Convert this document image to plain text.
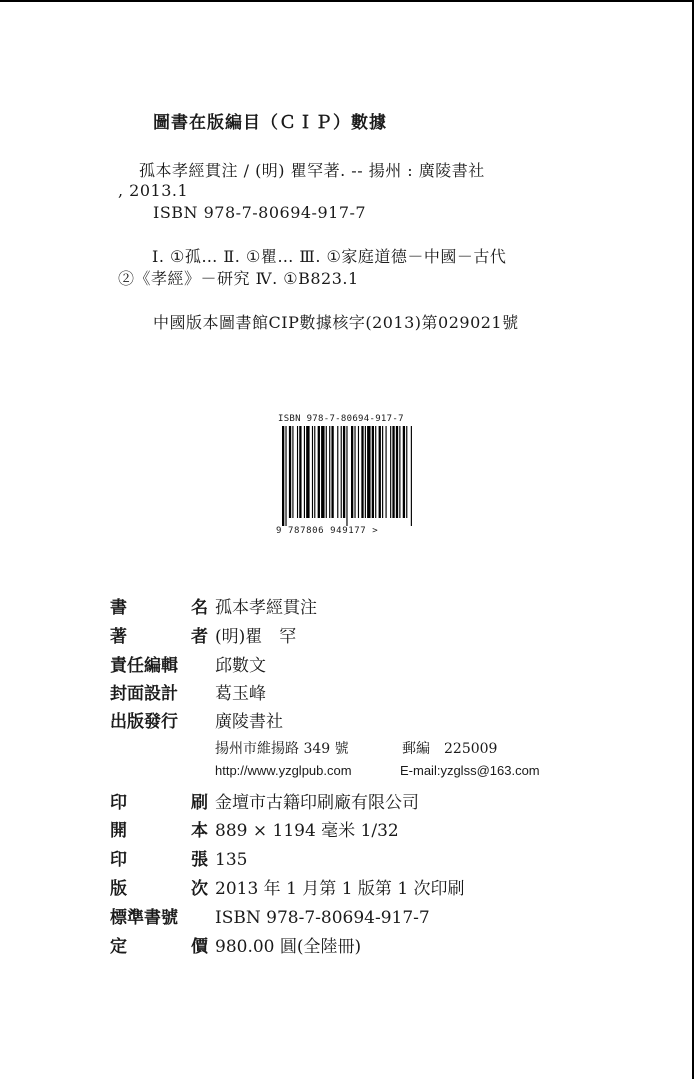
圖書在版編目（ＣＩＰ）數據
孤本孝經貫注 / (明) 瞿罕著. -- 揚州 : 廣陵書社
, 2013.1
ISBN 978-7-80694-917-7
Ⅰ. ①孤… Ⅱ. ①瞿… Ⅲ. ①家庭道德－中國－古代
②《孝經》－研究 Ⅳ. ①B823.1
中國版本圖書館CIP數據核字(2013)第029021號
ISBN 978-7-80694-917-7
9 787806 949177 >
書	名 孤本孝經貫注
著	者 (明)瞿　罕
責任編輯	邱數文
封面設計	葛玉峰
出版發行	廣陵書社
揚州市維揚路 349 號	郵編　225009
http://www.yzglpub.com	E-mail:yzglss@163.com
印	刷 金壇市古籍印刷廠有限公司
開	本 889 × 1194 毫米 1/32
印	張 135
版	次 2013 年 1 月第 1 版第 1 次印刷
標準書號	ISBN 978-7-80694-917-7
定	價 980.00 圓(全陸冊)
